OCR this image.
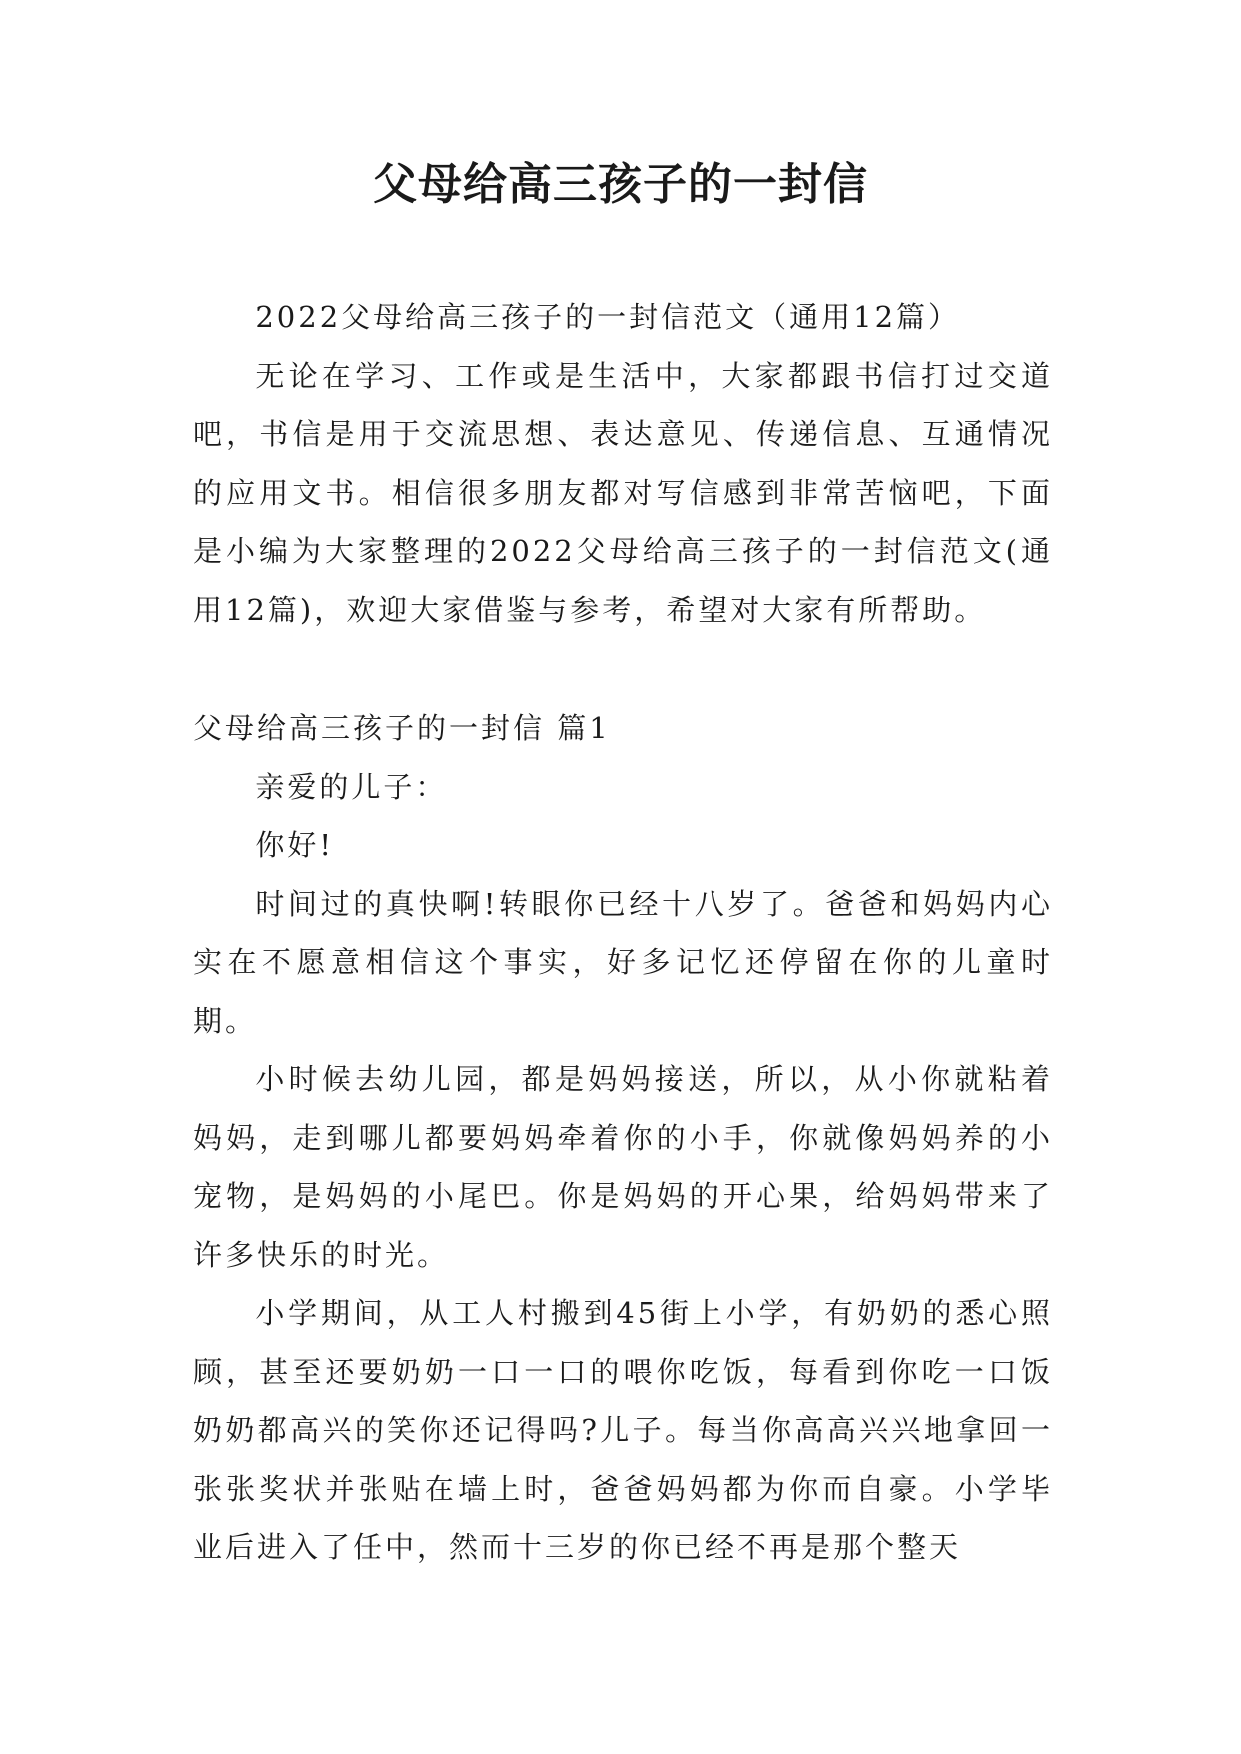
父母给高三孩子的一封信

2022父母给高三孩子的一封信范文（通用12篇）

无论在学习、工作或是生活中，大家都跟书信打过交道吧，书信是用于交流思想、表达意见、传递信息、互通情况的应用文书。相信很多朋友都对写信感到非常苦恼吧，下面是小编为大家整理的2022父母给高三孩子的一封信范文(通用12篇)，欢迎大家借鉴与参考，希望对大家有所帮助。

父母给高三孩子的一封信 篇1

亲爱的儿子：

你好!

时间过的真快啊!转眼你已经十八岁了。爸爸和妈妈内心实在不愿意相信这个事实，好多记忆还停留在你的儿童时期。

小时候去幼儿园，都是妈妈接送，所以，从小你就粘着妈妈，走到哪儿都要妈妈牵着你的小手，你就像妈妈养的小宠物，是妈妈的小尾巴。你是妈妈的开心果，给妈妈带来了许多快乐的时光。

小学期间，从工人村搬到45街上小学，有奶奶的悉心照顾，甚至还要奶奶一口一口的喂你吃饭，每看到你吃一口饭奶奶都高兴的笑你还记得吗?儿子。每当你高高兴兴地拿回一张张奖状并张贴在墙上时，爸爸妈妈都为你而自豪。小学毕业后进入了任中，然而十三岁的你已经不再是那个整天
